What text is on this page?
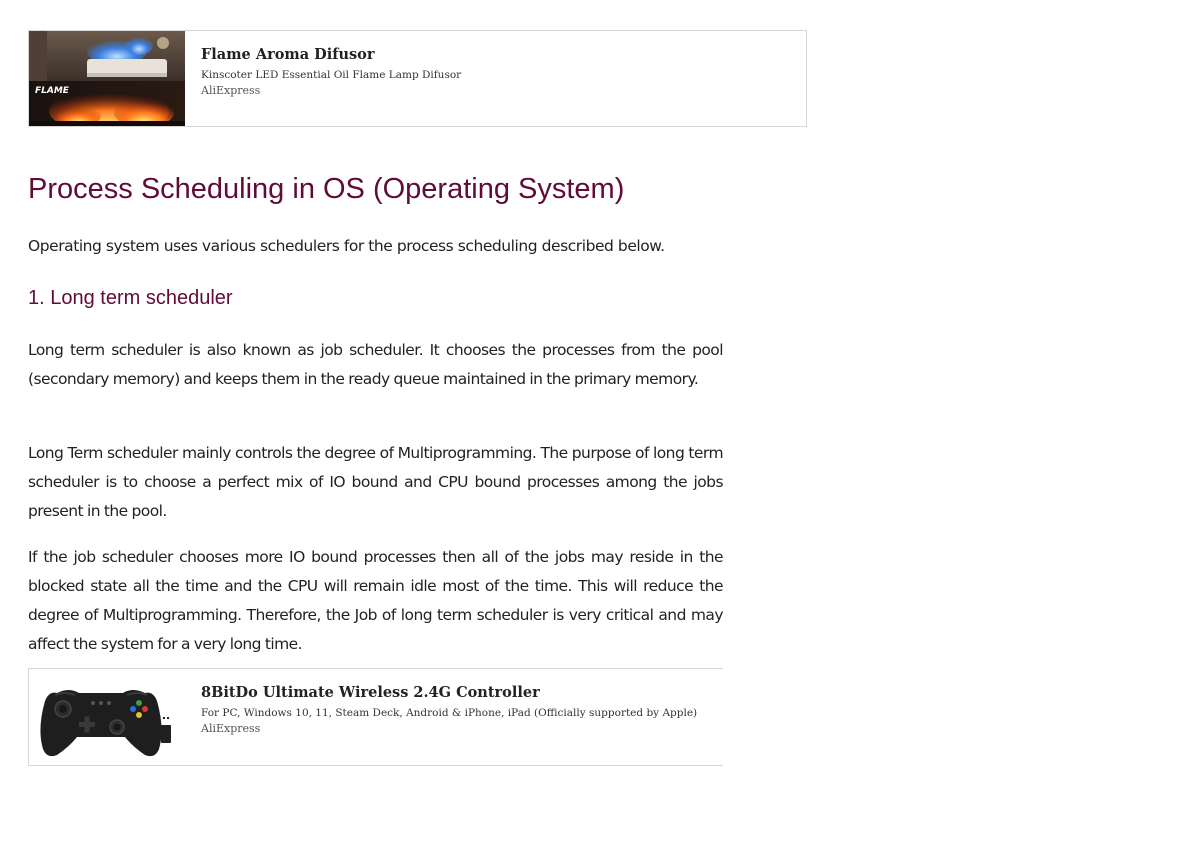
FLAME
Flame Aroma Difusor
Kinscoter LED Essential Oil Flame Lamp Difusor
AliExpress
Process Scheduling in OS (Operating System)

Operating system uses various schedulers for the process scheduling described below.

1. Long term scheduler

Long term scheduler is also known as job scheduler. It chooses the processes from the pool (secondary memory) and keeps them in the ready queue maintained in the primary memory.

Long Term scheduler mainly controls the degree of Multiprogramming. The purpose of long term scheduler is to choose a perfect mix of IO bound and CPU bound processes among the jobs present in the pool.

If the job scheduler chooses more IO bound processes then all of the jobs may reside in the blocked state all the time and the CPU will remain idle most of the time. This will reduce the degree of Multiprogramming. Therefore, the Job of long term scheduler is very critical and may affect the system for a very long time.

8BitDo Ultimate Wireless 2.4G Controller
For PC, Windows 10, 11, Steam Deck, Android & iPhone, iPad (Officially supported by Apple)
AliExpress
